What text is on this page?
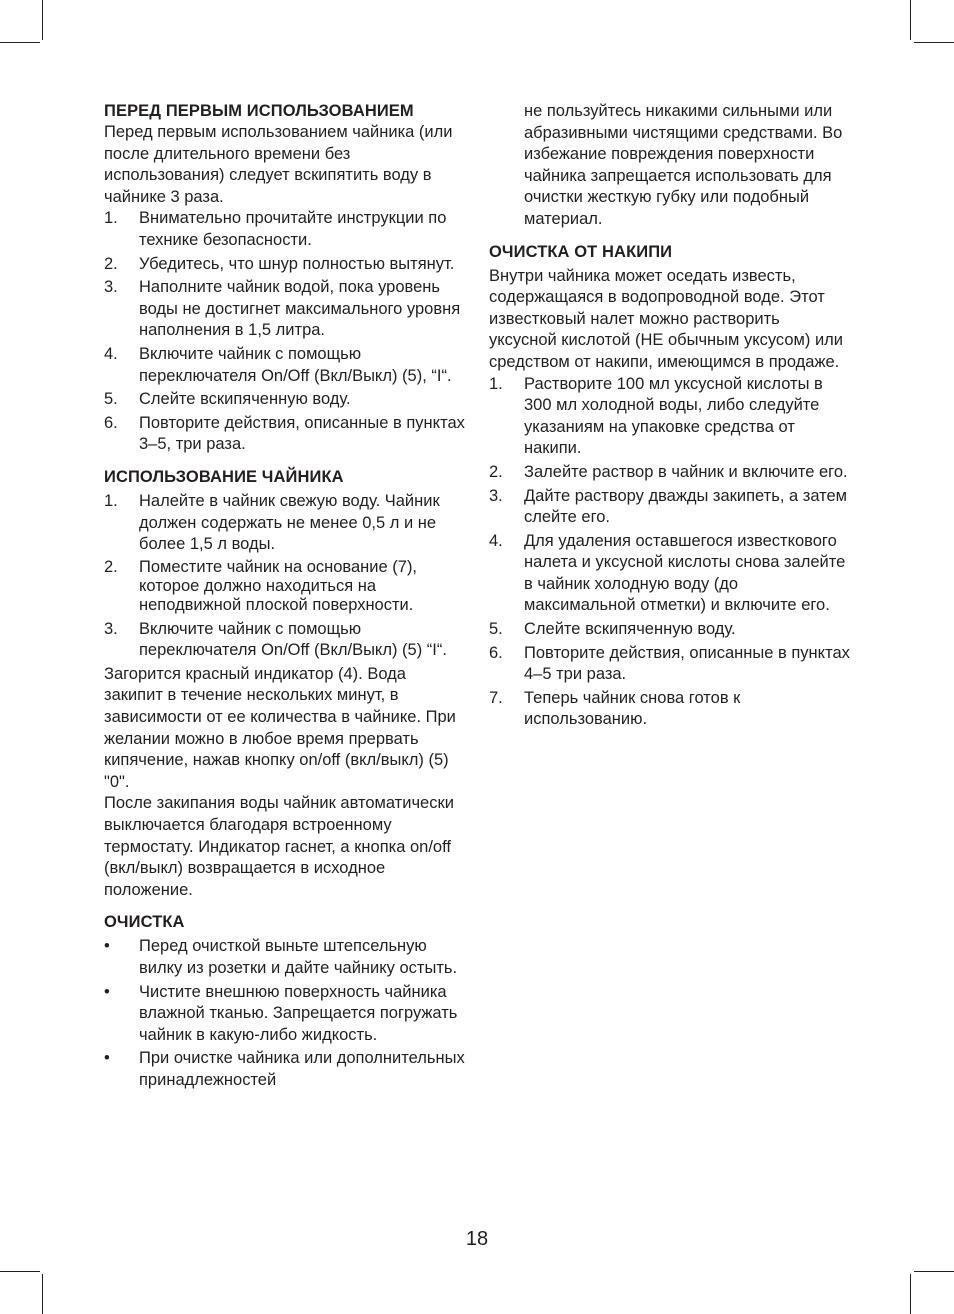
ПЕРЕД ПЕРВЫМ ИСПОЛЬЗОВАНИЕМ

Перед первым использованием чайника (или после длительного времени без использования) следует вскипятить воду в чайнике 3 раза.

1.	Внимательно прочитайте инструкции по технике безопасности.
2.	Убедитесь, что шнур полностью вытянут.
3.	Наполните чайник водой, пока уровень воды не достигнет максимального уровня наполнения в 1,5 литра.
4.	Включите чайник с помощью переключателя On/Off (Вкл/Выкл) (5), “I“.
5.	Слейте вскипяченную воду.
6.	Повторите действия, описанные в пунктах 3–5, три раза.
ИСПОЛЬЗОВАНИЕ ЧАЙНИКА
1.	Налейте в чайник свежую воду. Чайник должен содержать не менее 0,5 л и не более 1,5 л воды.
2.	Поместите чайник на основание (7), которое должно находиться на неподвижной плоской поверхности.
3.	Включите чайник с помощью переключателя On/Off (Вкл/Выкл) (5) “I“.

Загорится красный индикатор (4). Вода закипит в течение нескольких минут, в зависимости от ее количества в чайнике. При желании можно в любое время прервать кипячение, нажав кнопку on/off (вкл/выкл) (5) "0".

После закипания воды чайник автоматически выключается благодаря встроенному термостату. Индикатор гаснет, а кнопка on/off (вкл/выкл) возвращается в исходное положение.

ОЧИСТКА
•	Перед очисткой выньте штепсельную вилку из розетки и дайте чайнику остыть.
•	Чистите внешнюю поверхность чайника влажной тканью. Запрещается погружать чайник в какую-либо жидкость.
•	При очистке чайника или дополнительных принадлежностей

не пользуйтесь никакими сильными или абразивными чистящими средствами. Во избежание повреждения поверхности чайника запрещается использовать для очистки жесткую губку или подобный материал.

ОЧИСТКА ОТ НАКИПИ

Внутри чайника может оседать известь, содержащаяся в водопроводной воде. Этот известковый налет можно растворить уксусной кислотой (НЕ обычным уксусом) или средством от накипи, имеющимся в продаже.

1.	Растворите 100 мл уксусной кислоты в 300 мл холодной воды, либо следуйте указаниям на упаковке средства от накипи.
2.	Залейте раствор в чайник и включите его.
3.	Дайте раствору дважды закипеть, а затем слейте его.
4.	Для удаления оставшегося известкового налета и уксусной кислоты снова залейте в чайник холодную воду (до максимальной отметки) и включите его.
5.	Слейте вскипяченную воду.
6.	Повторите действия, описанные в пунктах 4–5 три раза.
7.	Теперь чайник снова готов к использованию.
18
